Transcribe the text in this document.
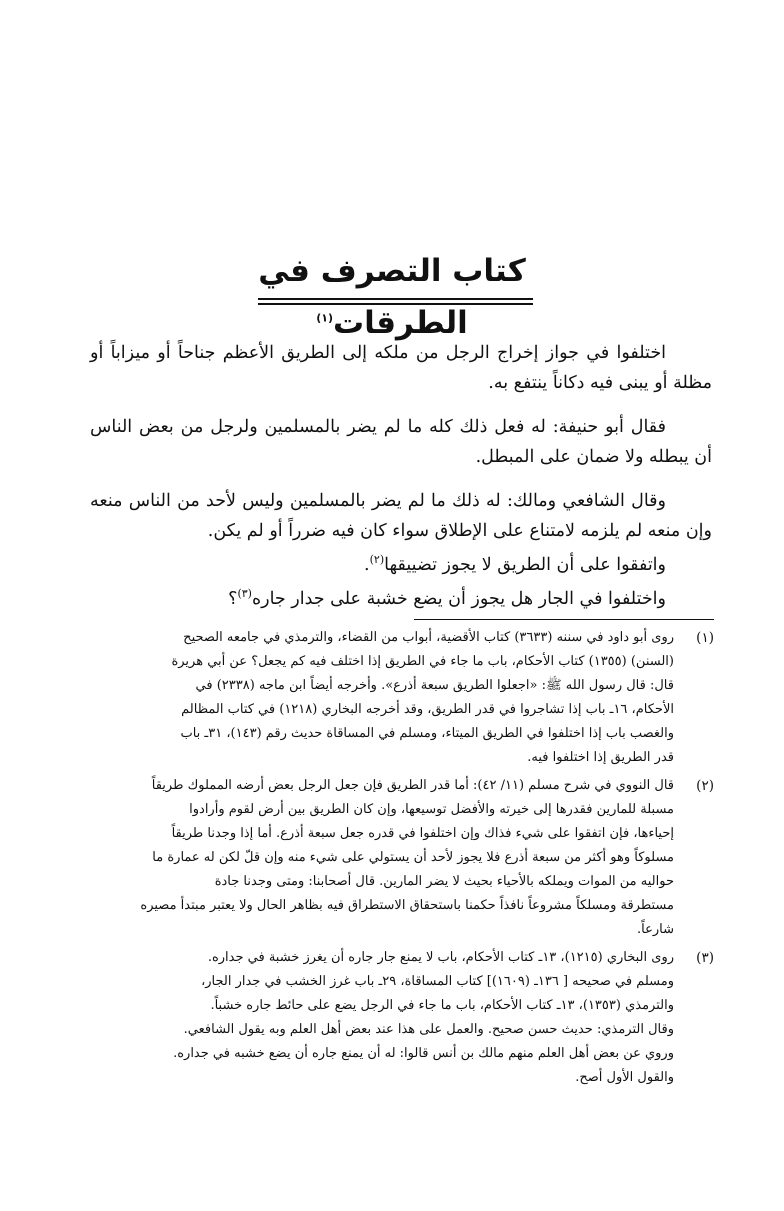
كتاب التصرف في الطرقات$^{(١)}$

اختلفوا في جواز إخراج الرجل من ملكه إلى الطريق الأعظم جناحاً أو ميزاباً أو مظلة أو يبنى فيه دكاناً ينتفع به.

فقال أبو حنيفة: له فعل ذلك كله ما لم يضر بالمسلمين ولرجل من بعض الناس أن يبطله ولا ضمان على المبطل.

وقال الشافعي ومالك: له ذلك ما لم يضر بالمسلمين وليس لأحد من الناس منعه وإن منعه لم يلزمه لامتناع على الإطلاق سواء كان فيه ضرراً أو لم يكن.

واتفقوا على أن الطريق لا يجوز تضييقها$^{(٢)}$.

واختلفوا في الجار هل يجوز أن يضع خشبة على جدار جاره$^{(٣)}$؟

(١)
روى أبو داود في سننه (٣٦٣٣) كتاب الأقضية، أبواب من القضاء، والترمذي في جامعه الصحيح
(السنن) (١٣٥٥) كتاب الأحكام، باب ما جاء في الطريق إذا اختلف فيه كم يجعل؟ عن أبي هريرة
قال: قال رسول الله ﷺ: «اجعلوا الطريق سبعة أذرع». وأخرجه أيضاً ابن ماجه (٢٣٣٨) في
الأحكام، ١٦ـ باب إذا تشاجروا في قدر الطريق، وقد أخرجه البخاري (١٢١٨) في كتاب المظالم
والغصب باب إذا اختلفوا في الطريق الميتاء، ومسلم في المساقاة حديث رقم (١٤٣)، ٣١ـ باب
قدر الطريق إذا اختلفوا فيه.
(٢)
قال النووي في شرح مسلم (١١/ ٤٢): أما قدر الطريق فإن جعل الرجل بعض أرضه المملوك طريقاً
مسبلة للمارين فقدرها إلى خيرته والأفضل توسيعها، وإن كان الطريق بين أرض لقوم وأرادوا
إحياءها، فإن اتفقوا على شيء فذاك وإن اختلفوا في قدره جعل سبعة أذرع. أما إذا وجدنا طريقاً
مسلوكاً وهو أكثر من سبعة أذرع فلا يجوز لأحد أن يستولي على شيء منه وإن قلّ لكن له عمارة ما
حواليه من الموات ويملكه بالأحياء بحيث لا يضر المارين. قال أصحابنا: ومتى وجدنا جادة
مستطرقة ومسلكاً مشروعاً نافذاً حكمنا باستحقاق الاستطراق فيه بظاهر الحال ولا يعتبر مبتدأ مصيره
شارعاً.
(٣)
روى البخاري (١٢١٥)، ١٣ـ كتاب الأحكام، باب لا يمنع جار جاره أن يغرز خشبة في جداره.
ومسلم في صحيحه [ ١٣٦ـ (١٦٠٩)] كتاب المساقاة، ٢٩ـ باب غرز الخشب في جدار الجار،
والترمذي (١٣٥٣)، ١٣ـ كتاب الأحكام، باب ما جاء في الرجل يضع على حائط جاره خشباً.
وقال الترمذي: حديث حسن صحيح. والعمل على هذا عند بعض أهل العلم وبه يقول الشافعي.
وروي عن بعض أهل العلم منهم مالك بن أنس قالوا: له أن يمنع جاره أن يضع خشبه في جداره.
والقول الأول أصح.
